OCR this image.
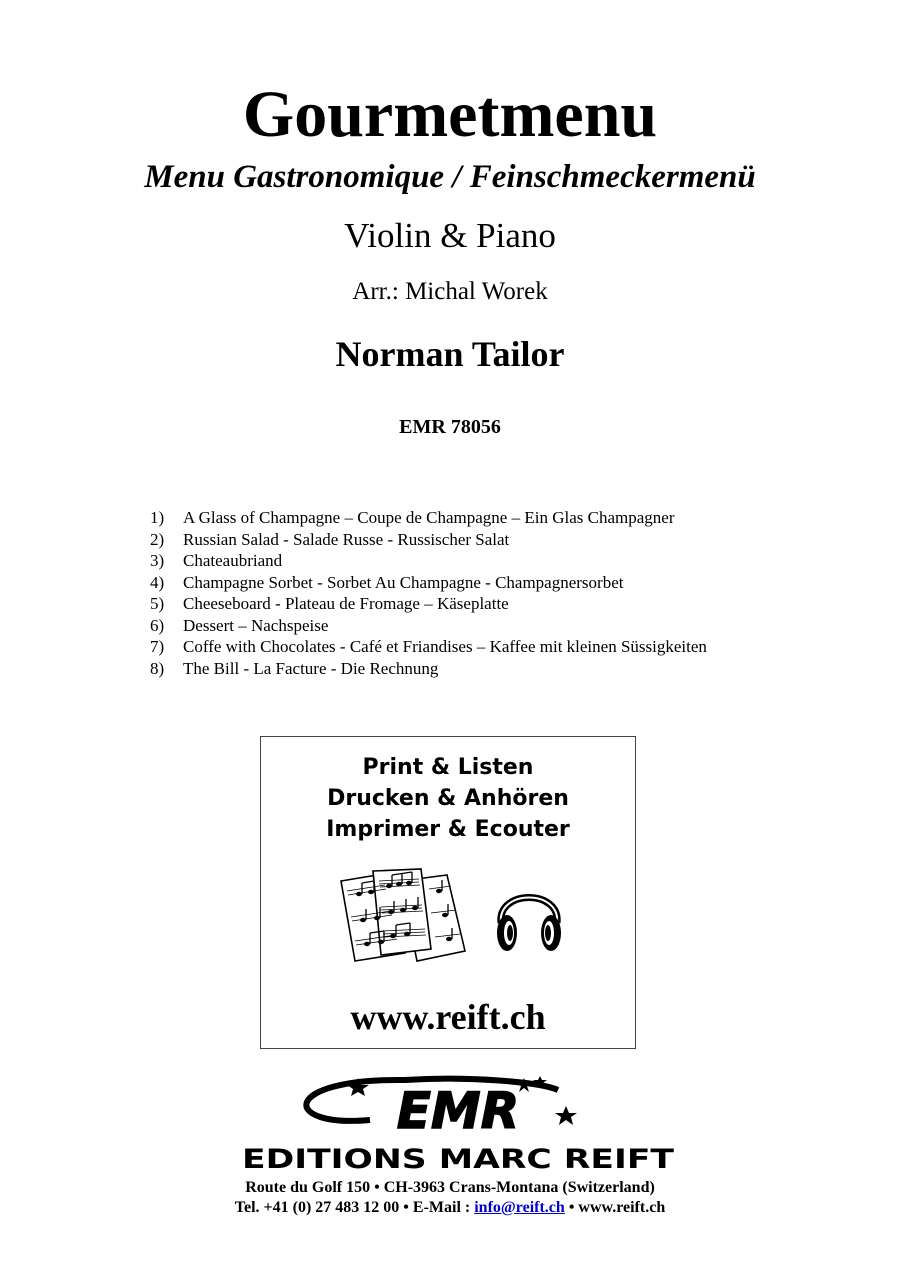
Gourmetmenu
Menu Gastronomique / Feinschmeckermenü
Violin & Piano
Arr.: Michal Worek
Norman Tailor
EMR 78056
1) A Glass of Champagne – Coupe de Champagne – Ein Glas Champagner
2) Russian Salad - Salade Russe - Russischer Salat
3) Chateaubriand
4) Champagne Sorbet - Sorbet Au Champagne - Champagnersorbet
5) Cheeseboard - Plateau de Fromage – Käseplatte
6) Dessert – Nachspeise
7) Coffe with Chocolates - Café et Friandises – Kaffee mit kleinen Süssigkeiten
8) The Bill - La Facture - Die Rechnung
Print & Listen
Drucken & Anhören
Imprimer & Ecouter
www.reift.ch
EMR
EDITIONS MARC REIFT
Route du Golf 150 • CH-3963 Crans-Montana (Switzerland)
Tel. +41 (0) 27 483 12 00 • E-Mail : info@reift.ch • www.reift.ch
